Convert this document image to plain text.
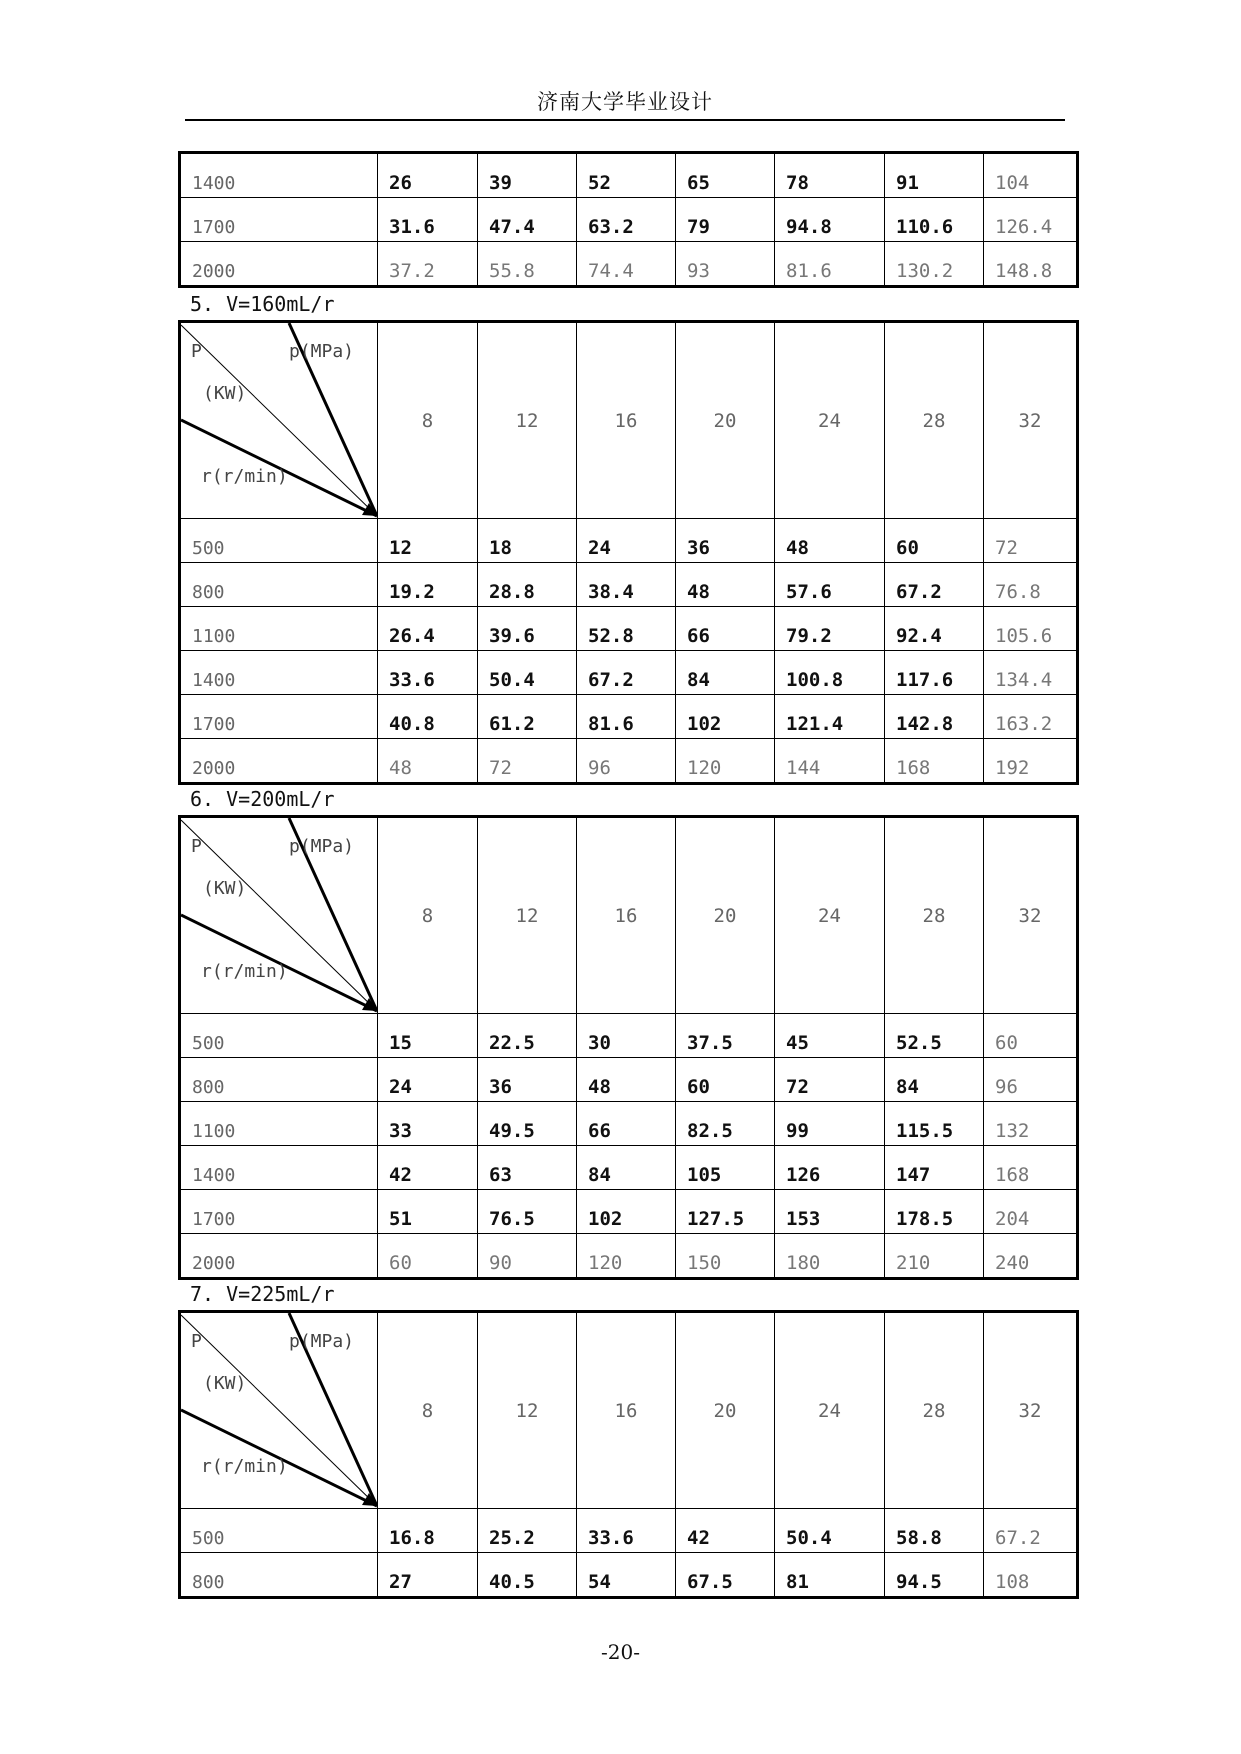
济南大学毕业设计
1400	26	39	52	65	78	91	104
1700	31.6	47.4	63.2	79	94.8	110.6	126.4
2000	37.2	55.8	74.4	93	81.6	130.2	148.8
5. V=160mL/r
P p(MPa)
(KW)
r(r/min)	8	12	16	20	24	28	32
500	12	18	24	36	48	60	72
800	19.2	28.8	38.4	48	57.6	67.2	76.8
1100	26.4	39.6	52.8	66	79.2	92.4	105.6
1400	33.6	50.4	67.2	84	100.8	117.6	134.4
1700	40.8	61.2	81.6	102	121.4	142.8	163.2
2000	48	72	96	120	144	168	192
6. V=200mL/r
P p(MPa)
(KW)
r(r/min)	8	12	16	20	24	28	32
500	15	22.5	30	37.5	45	52.5	60
800	24	36	48	60	72	84	96
1100	33	49.5	66	82.5	99	115.5	132
1400	42	63	84	105	126	147	168
1700	51	76.5	102	127.5	153	178.5	204
2000	60	90	120	150	180	210	240
7. V=225mL/r
P p(MPa)
(KW)
r(r/min)	8	12	16	20	24	28	32
500	16.8	25.2	33.6	42	50.4	58.8	67.2
800	27	40.5	54	67.5	81	94.5	108
-20-
